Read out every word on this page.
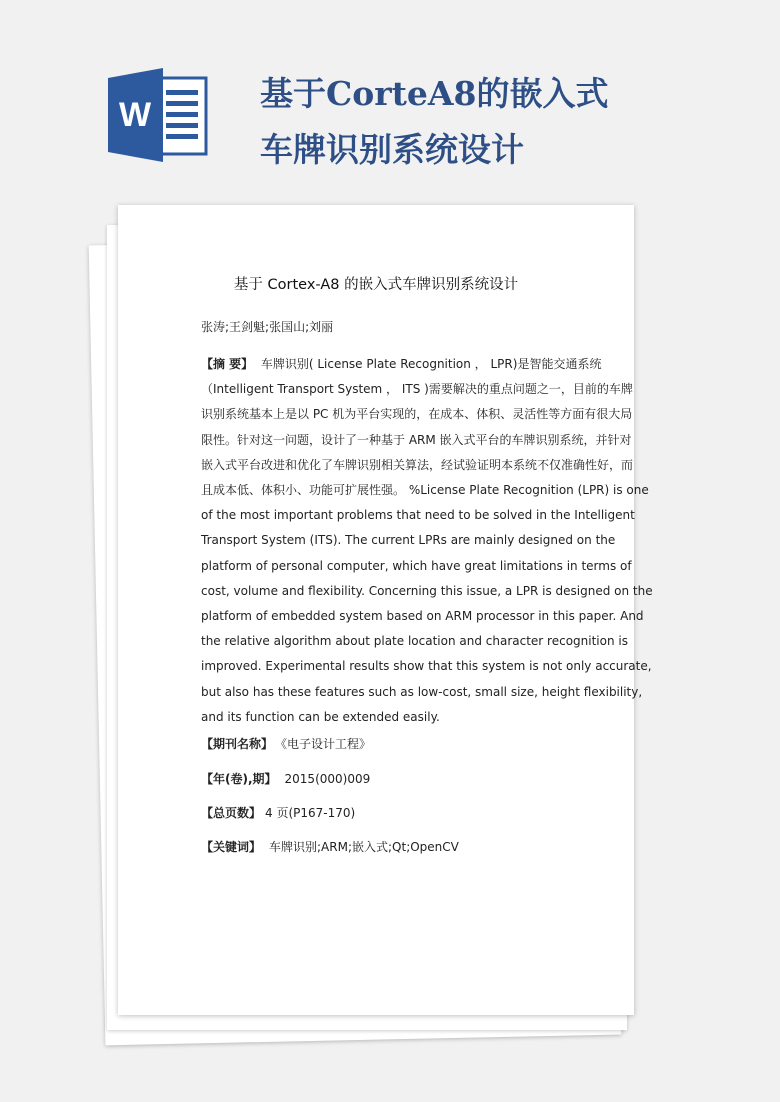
W
基于CorteA8的嵌入式
车牌识别系统设计
基于 Cortex-A8 的嵌入式车牌识别系统设计
张涛;王剑魁;张国山;刘丽
【摘 要】 车牌识别( License Plate Recognition ， LPR)是智能交通系统
（Intelligent Transport System ， ITS )需要解决的重点问题之一，目前的车牌
识别系统基本上是以 PC 机为平台实现的，在成本、体积、灵活性等方面有很大局
限性。针对这一问题，设计了一种基于 ARM 嵌入式平台的车牌识别系统，并针对
嵌入式平台改进和优化了车牌识别相关算法，经试验证明本系统不仅准确性好，而
且成本低、体积小、功能可扩展性强。 %License Plate Recognition (LPR) is one
of the most important problems that need to be solved in the Intelligent
Transport System (ITS). The current LPRs are mainly designed on the
platform of personal computer, which have great limitations in terms of
cost, volume and flexibility. Concerning this issue, a LPR is designed on the
platform of embedded system based on ARM processor in this paper. And
the relative algorithm about plate location and character recognition is
improved. Experimental results show that this system is not only accurate,
but also has these features such as low-cost, small size, height flexibility,
and its function can be extended easily.
【期刊名称】 《电子设计工程》
【年(卷),期】 2015(000)009
【总页数】 4 页(P167-170)
【关键词】 车牌识别;ARM;嵌入式;Qt;OpenCV
